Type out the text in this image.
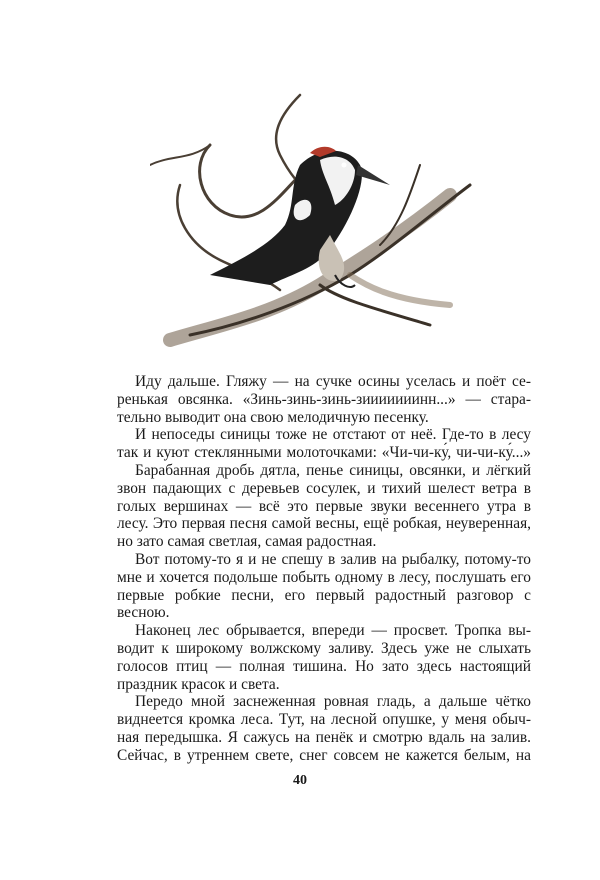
Иду дальше. Гляжу — на сучке осины уселась и поёт се-
ренькая овсянка. «Зинь-зинь-зинь-зииииииинн...» — стара-
тельно выводит она свою мелодичную песенку.
И непоседы синицы тоже не отстают от неё. Где-то в лесу
так и куют стеклянными молоточками: «Чи-чи-ку́, чи-чи-ку́...»
Барабанная дробь дятла, пенье синицы, овсянки, и лёгкий
звон падающих с деревьев сосулек, и тихий шелест ветра в
голых вершинах — всё это первые звуки весеннего утра в
лесу. Это первая песня самой весны, ещё робкая, неуверенная,
но зато самая светлая, самая радостная.
Вот потому-то я и не спешу в залив на рыбалку, потому-то
мне и хочется подольше побыть одному в лесу, послушать его
первые робкие песни, его первый радостный разговор с
весною.
Наконец лес обрывается, впереди — просвет. Тропка вы-
водит к широкому волжскому заливу. Здесь уже не слыхать
голосов птиц — полная тишина. Но зато здесь настоящий
праздник красок и света.
Передо мной заснеженная ровная гладь, а дальше чётко
виднеется кромка леса. Тут, на лесной опушке, у меня обыч-
ная передышка. Я сажусь на пенёк и смотрю вдаль на залив.
Сейчас, в утреннем свете, снег совсем не кажется белым, на
40
